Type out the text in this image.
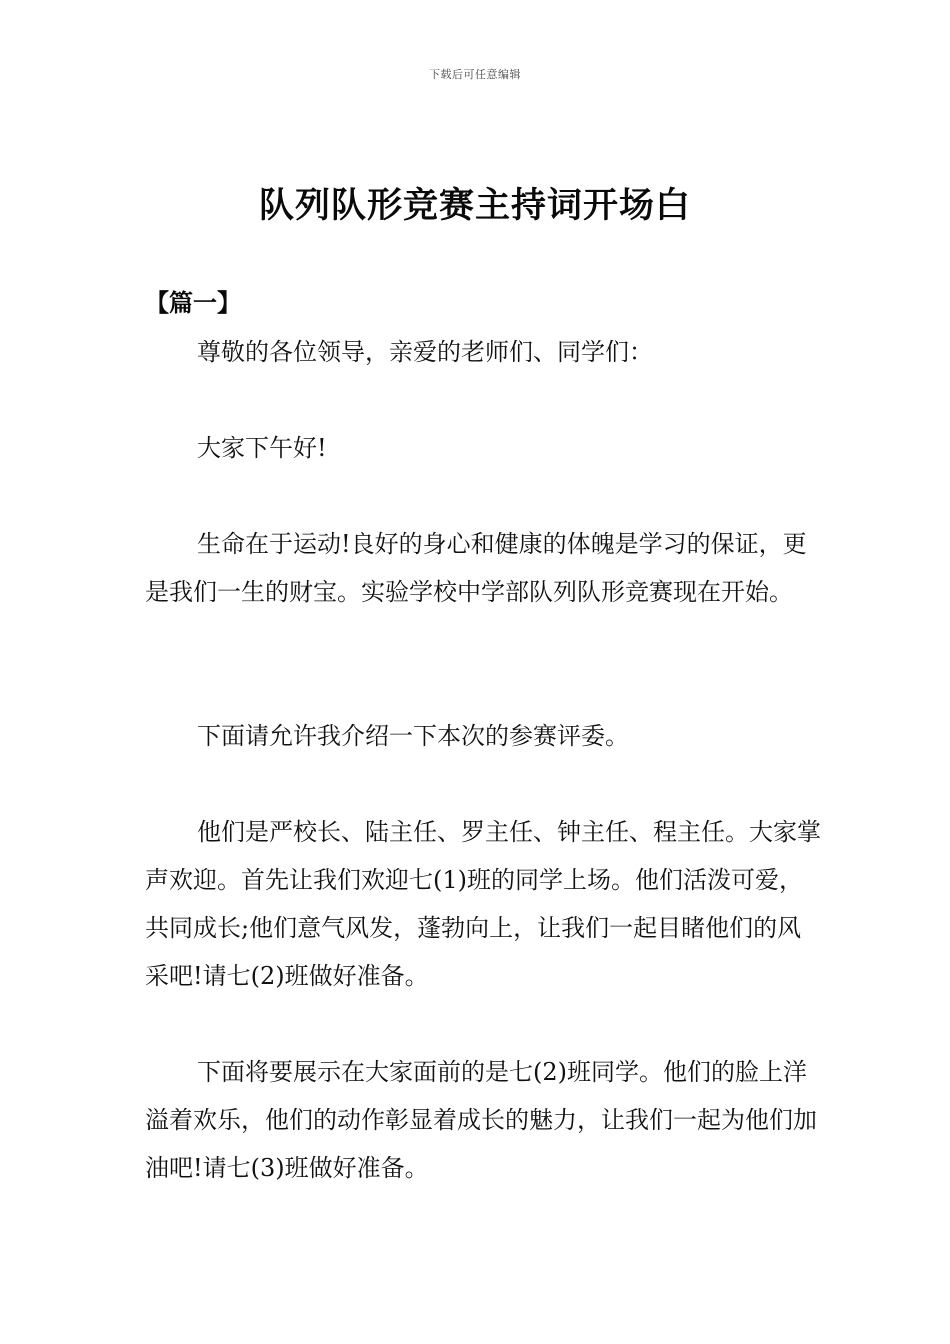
下载后可任意编辑
队列队形竞赛主持词开场白
【篇一】

尊敬的各位领导，亲爱的老师们、同学们：

大家下午好!

生命在于运动!良好的身心和健康的体魄是学习的保证，更是我们一生的财宝。实验学校中学部队列队形竞赛现在开始。

下面请允许我介绍一下本次的参赛评委。

他们是严校长、陆主任、罗主任、钟主任、程主任。大家掌声欢迎。首先让我们欢迎七(1)班的同学上场。他们活泼可爱，共同成长;他们意气风发，蓬勃向上，让我们一起目睹他们的风采吧!请七(2)班做好准备。

下面将要展示在大家面前的是七(2)班同学。他们的脸上洋溢着欢乐，他们的动作彰显着成长的魅力，让我们一起为他们加油吧!请七(3)班做好准备。
